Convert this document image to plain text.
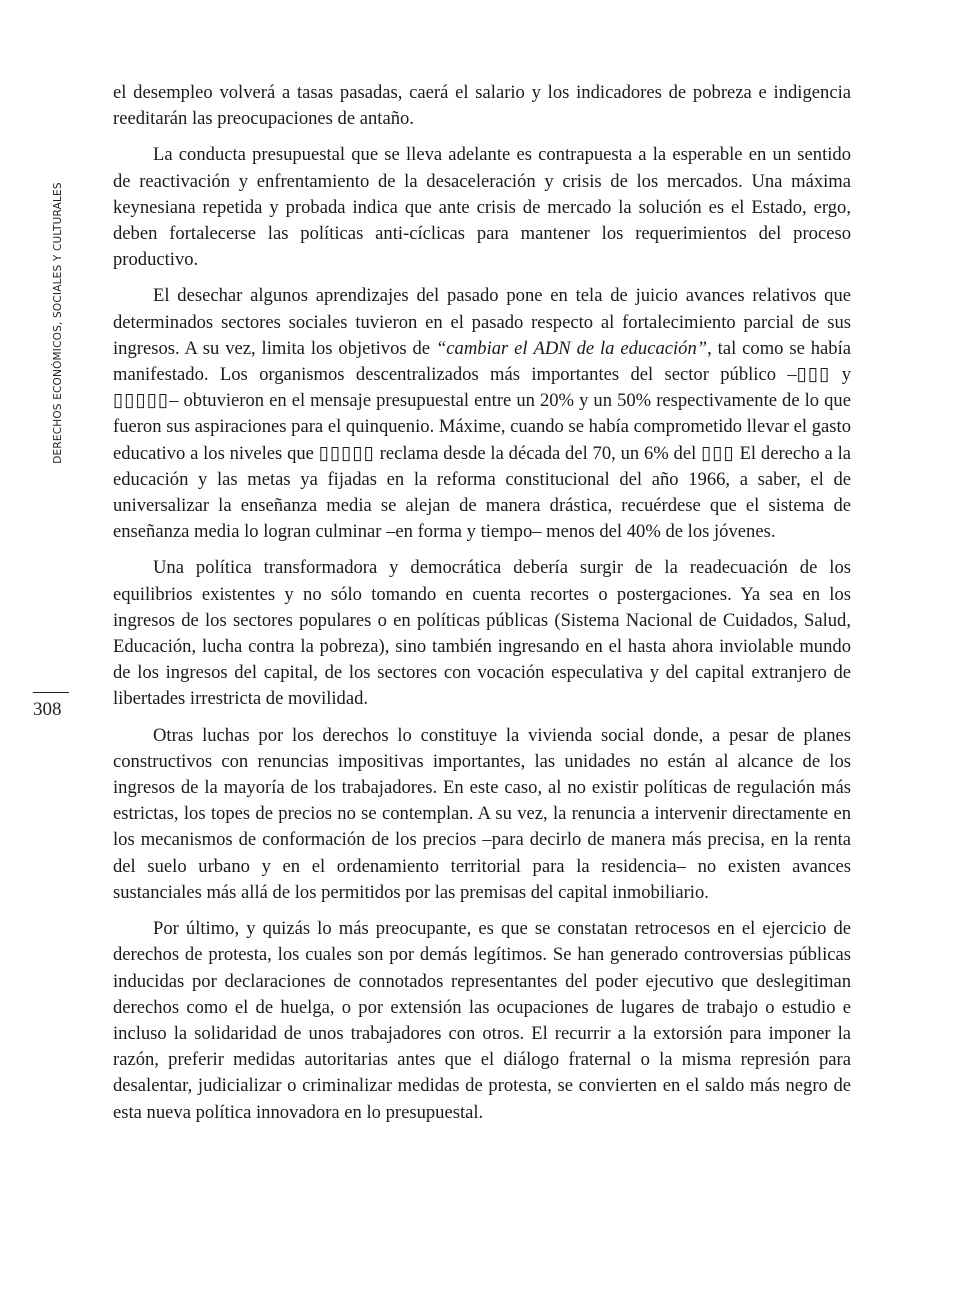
DERECHOS ECONÓMICOS, SOCIALES Y CULTURALES
308

el desempleo volverá a tasas pasadas, caerá el salario y los indicadores de pobreza e indigencia reeditarán las preocupaciones de antaño.

La conducta presupuestal que se lleva adelante es contrapuesta a la esperable en un sentido de reactivación y enfrentamiento de la desaceleración y crisis de los mercados. Una máxima keynesiana repetida y probada indica que ante crisis de mercado la solución es el Estado, ergo, deben fortalecerse las políticas anti-cíclicas para mantener los requerimientos del proceso productivo.

El desechar algunos aprendizajes del pasado pone en tela de juicio avances relativos que determinados sectores sociales tuvieron en el pasado respecto al fortalecimiento parcial de sus ingresos. A su vez, limita los objetivos de “cambiar el ADN de la educación”, tal como se había manifestado. Los organismos descentralizados más importantes del sector público –▯▯▯ y ▯▯▯▯▯– obtuvieron en el mensaje presupuestal entre un 20% y un 50% respectivamente de lo que fueron sus aspiraciones para el quinquenio. Máxime, cuando se había comprometido llevar el gasto educativo a los niveles que ▯▯▯▯▯ reclama desde la década del 70, un 6% del ▯▯▯ El derecho a la educación y las metas ya fijadas en la reforma constitucional del año 1966, a saber, el de universalizar la enseñanza media se alejan de manera drástica, recuérdese que el sistema de enseñanza media lo logran culminar –en forma y tiempo– menos del 40% de los jóvenes.

Una política transformadora y democrática debería surgir de la readecuación de los equilibrios existentes y no sólo tomando en cuenta recortes o postergaciones. Ya sea en los ingresos de los sectores populares o en políticas públicas (Sistema Nacional de Cuidados, Salud, Educación, lucha contra la pobreza), sino también ingresando en el hasta ahora inviolable mundo de los ingresos del capital, de los sectores con vocación especulativa y del capital extranjero de libertades irrestricta de movilidad.

Otras luchas por los derechos lo constituye la vivienda social donde, a pesar de planes constructivos con renuncias impositivas importantes, las unidades no están al alcance de los ingresos de la mayoría de los trabajadores. En este caso, al no existir políticas de regulación más estrictas, los topes de precios no se contemplan. A su vez, la renuncia a intervenir directamente en los mecanismos de conformación de los precios –para decirlo de manera más precisa, en la renta del suelo urbano y en el ordenamiento territorial para la residencia– no existen avances sustanciales más allá de los permitidos por las premisas del capital inmobiliario.

Por último, y quizás lo más preocupante, es que se constatan retrocesos en el ejercicio de derechos de protesta, los cuales son por demás legítimos. Se han generado controversias públicas inducidas por declaraciones de connotados representantes del poder ejecutivo que deslegitiman derechos como el de huelga, o por extensión las ocupaciones de lugares de trabajo o estudio e incluso la solidaridad de unos trabajadores con otros. El recurrir a la extorsión para imponer la razón, preferir medidas autoritarias antes que el diálogo fraternal o la misma represión para desalentar, judicializar o criminalizar medidas de protesta, se convierten en el saldo más negro de esta nueva política innovadora en lo presupuestal.
